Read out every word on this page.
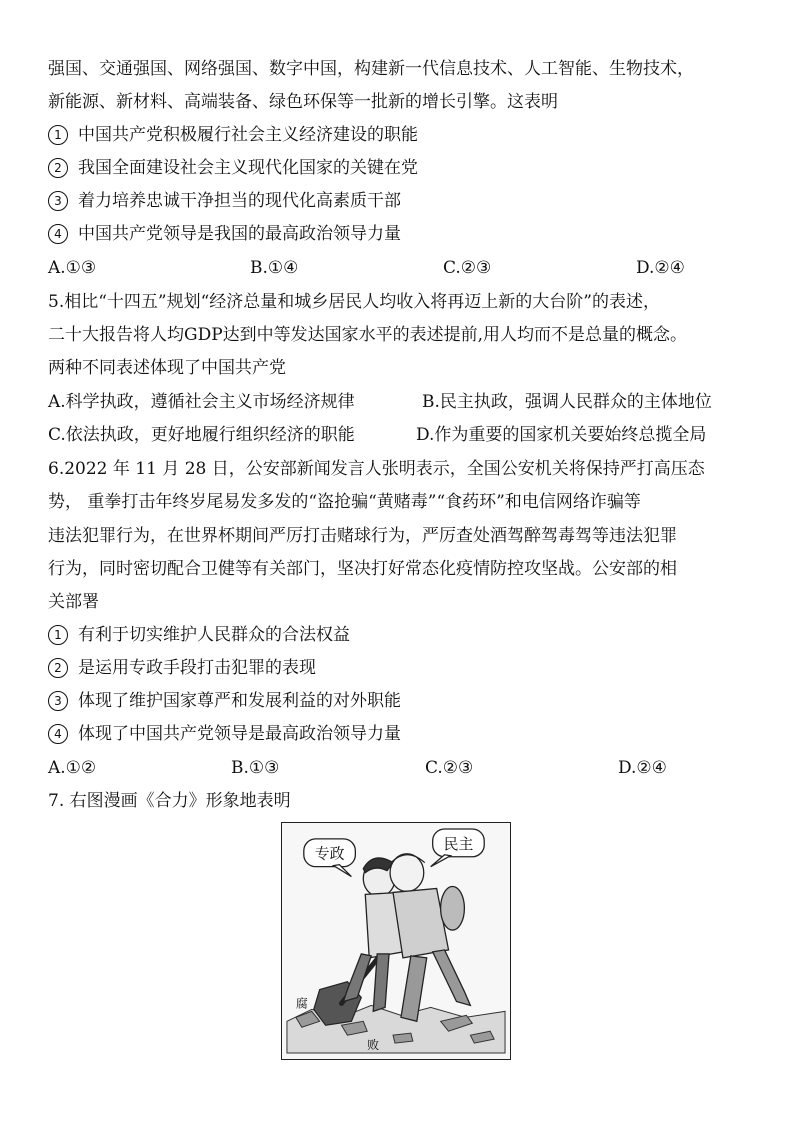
强国、交通强国、网络强国、数字中国，构建新一代信息技术、人工智能、生物技术，
新能源、新材料、高端装备、绿色环保等一批新的增长引擎。这表明
1 中国共产党积极履行社会主义经济建设的职能
2 我国全面建设社会主义现代化国家的关键在党
3 着力培养忠诚干净担当的现代化高素质干部
4 中国共产党领导是我国的最高政治领导力量
A.①③	B.①④	C.②③	D.②④
5.相比“十四五”规划“经济总量和城乡居民人均收入将再迈上新的大台阶”的表述，
二十大报告将人均GDP达到中等发达国家水平的表述提前,用人均而不是总量的概念。
两种不同表述体现了中国共产党
A.科学执政，遵循社会主义市场经济规律	B.民主执政，强调人民群众的主体地位
C.依法执政，更好地履行组织经济的职能	D.作为重要的国家机关要始终总揽全局
6.2022 年 11 月 28 日，公安部新闻发言人张明表示，全国公安机关将保持严打高压态
势， 重拳打击年终岁尾易发多发的“盗抢骗“黄赌毒”“食药环”和电信网络诈骗等
违法犯罪行为，在世界杯期间严厉打击赌球行为，严厉查处酒驾醉驾毒驾等违法犯罪
行为，同时密切配合卫健等有关部门，坚决打好常态化疫情防控攻坚战。公安部的相
关部署
1 有利于切实维护人民群众的合法权益
2 是运用专政手段打击犯罪的表现
3 体现了维护国家尊严和发展利益的对外职能
4 体现了中国共产党领导是最高政治领导力量
A.①②	B.①③	C.②③	D.②④
7. 右图漫画《合力》形象地表明
专政
民主
腐
败
